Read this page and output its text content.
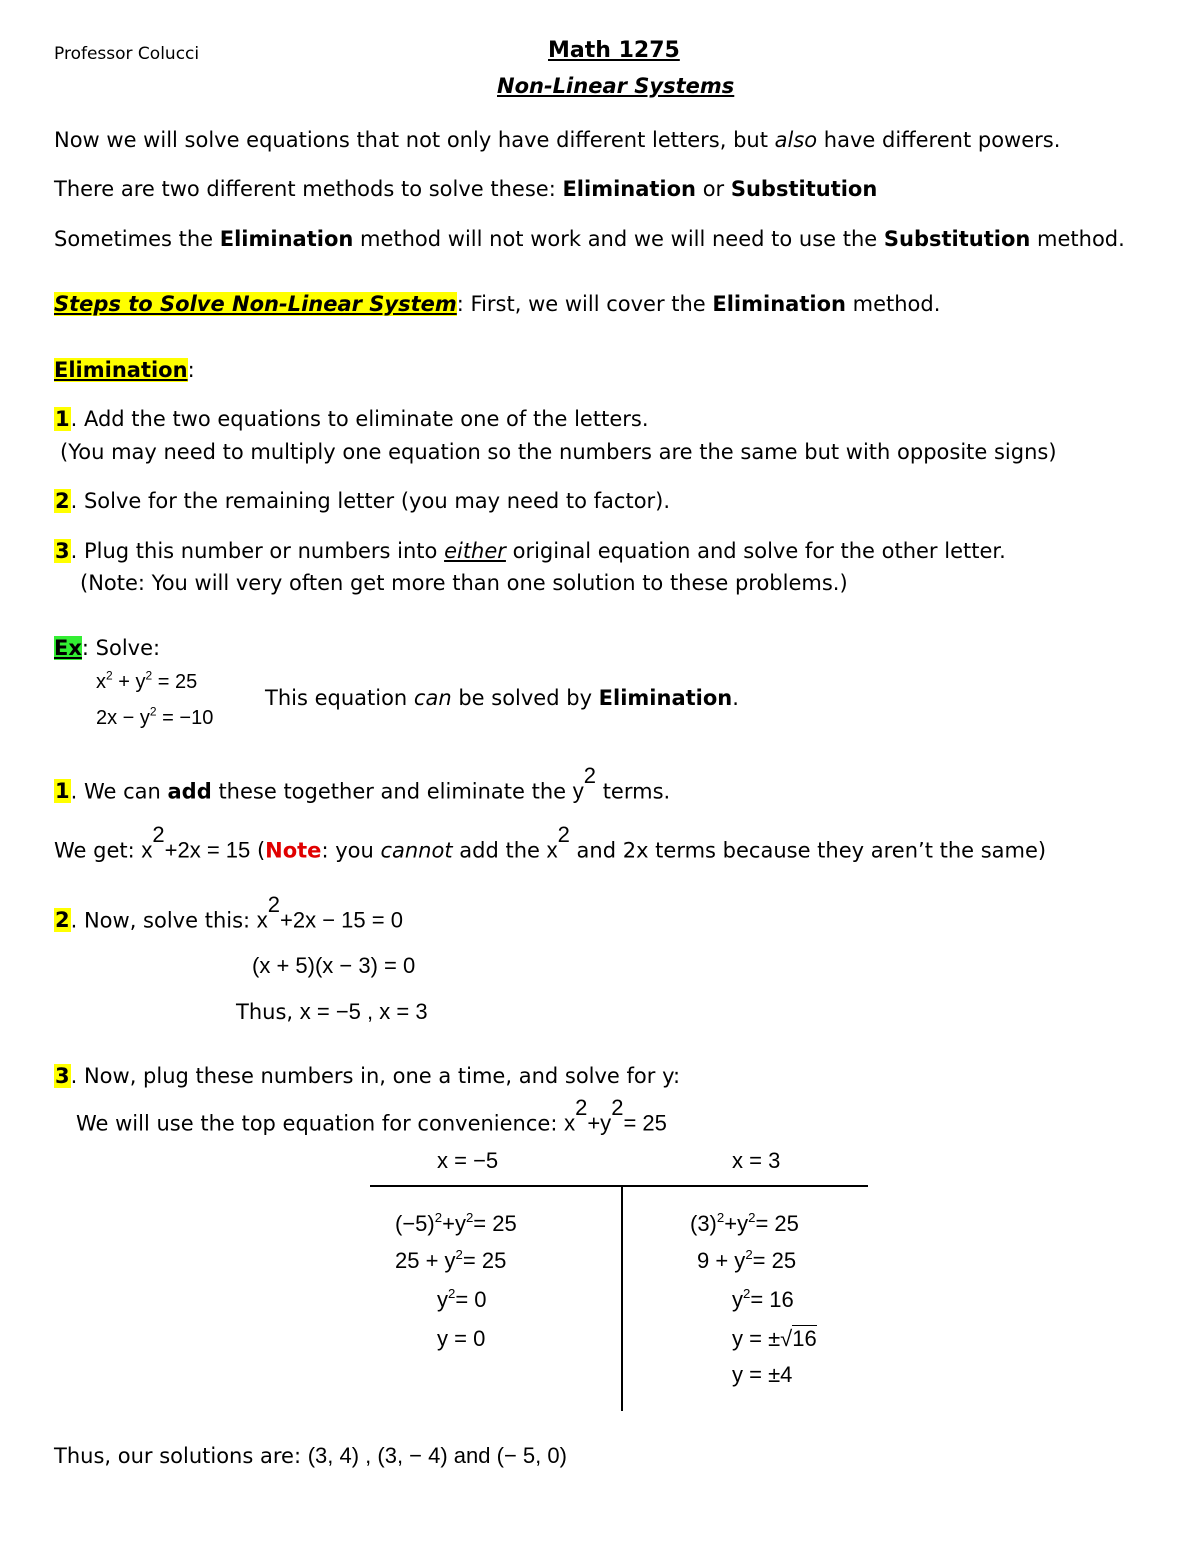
Professor Colucci	Math 1275
Non-Linear Systems
Now we will solve equations that not only have different letters, but also have different powers.
There are two different methods to solve these: Elimination or Substitution
Sometimes the Elimination method will not work and we will need to use the Substitution method.
Steps to Solve Non-Linear System: First, we will cover the Elimination method.
Elimination:
1. Add the two equations to eliminate one of the letters.
(You may need to multiply one equation so the numbers are the same but with opposite signs)
2. Solve for the remaining letter (you may need to factor).
3. Plug this number or numbers into either original equation and solve for the other letter.
(Note: You will very often get more than one solution to these problems.)
Ex: Solve:
$x^2 + y^2 = 25$
$2x - y^2 = -10$
This equation can be solved by Elimination.
1. We can add these together and eliminate the $y^2$ terms.
We get: $x^2+2x = 15$ (Note: you cannot add the $x^2$ and 2x terms because they aren’t the same)
2. Now, solve this: $x^2+2x - 15 = 0$
(x + 5)(x − 3) = 0
Thus, x = −5 , x = 3
3. Now, plug these numbers in, one a time, and solve for y:
We will use the top equation for convenience: $x^2+y^2= 25$
x = −5	x = 3
$(-5)^2+y^2= 25$
$25 + y^2= 25$
$y^2= 0$
y = 0
$(3)^2+y^2= 25$
$9 + y^2= 25$
$y^2= 16$
y = ±√16
y = ±4
Thus, our solutions are: (3, 4) , (3, − 4) and (− 5, 0)
